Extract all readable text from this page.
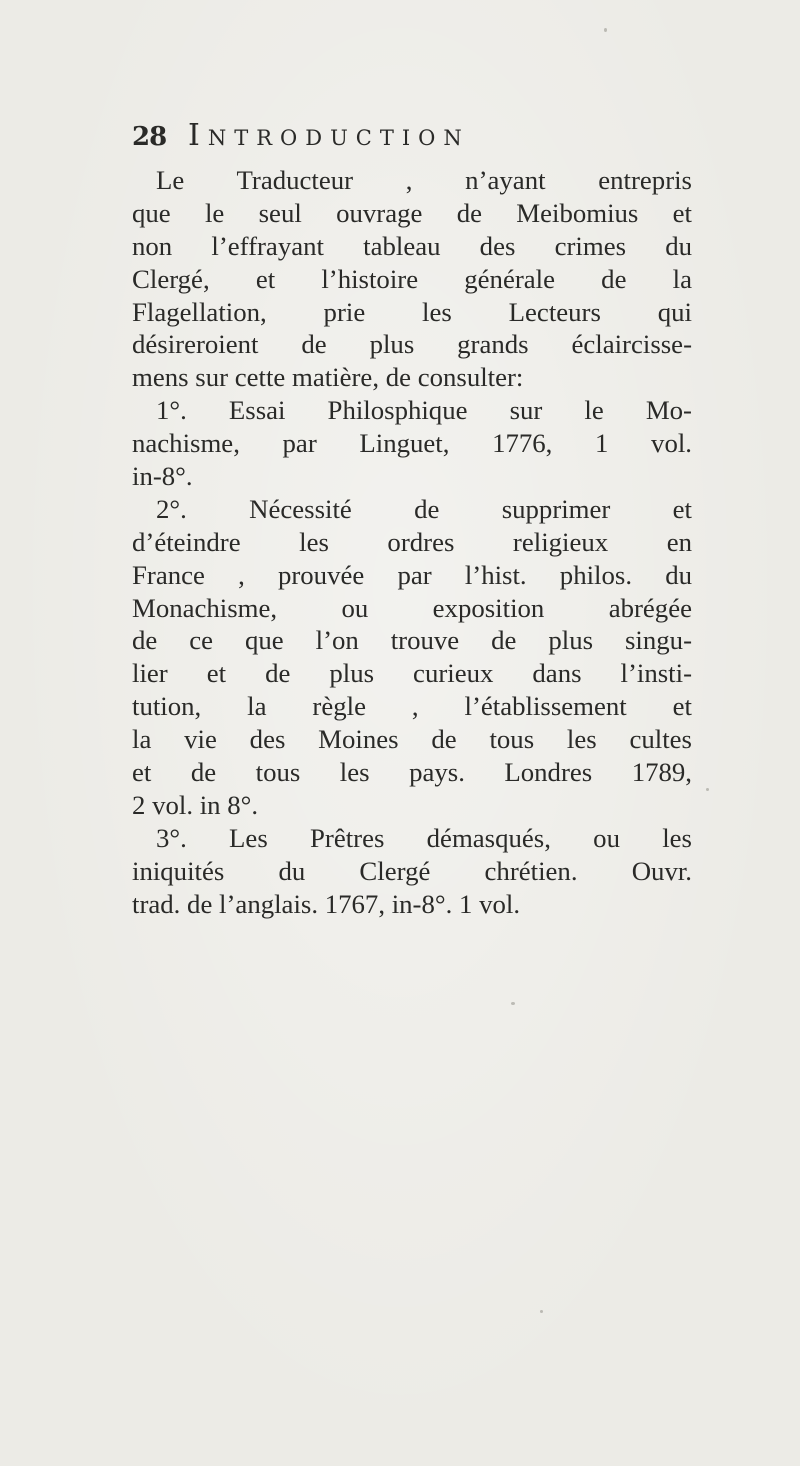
28 Introduction
Le Traducteur , n’ayant entrepris
que le seul ouvrage de Meibomius et
non l’effrayant tableau des crimes du
Clergé, et l’histoire générale de la
Flagellation, prie les Lecteurs qui
désireroient de plus grands éclaircisse-
mens sur cette matière, de consulter:
1°. Essai Philosphique sur le Mo-
nachisme, par Linguet, 1776, 1 vol.
in-8°.
2°. Nécessité de supprimer et
d’éteindre les ordres religieux en
France , prouvée par l’hist. philos. du
Monachisme, ou exposition abrégée
de ce que l’on trouve de plus singu-
lier et de plus curieux dans l’insti-
tution, la règle , l’établissement et
la vie des Moines de tous les cultes
et de tous les pays. Londres 1789,
2 vol. in 8°.
3°. Les Prêtres démasqués, ou les
iniquités du Clergé chrétien. Ouvr.
trad. de l’anglais. 1767, in-8°. 1 vol.
